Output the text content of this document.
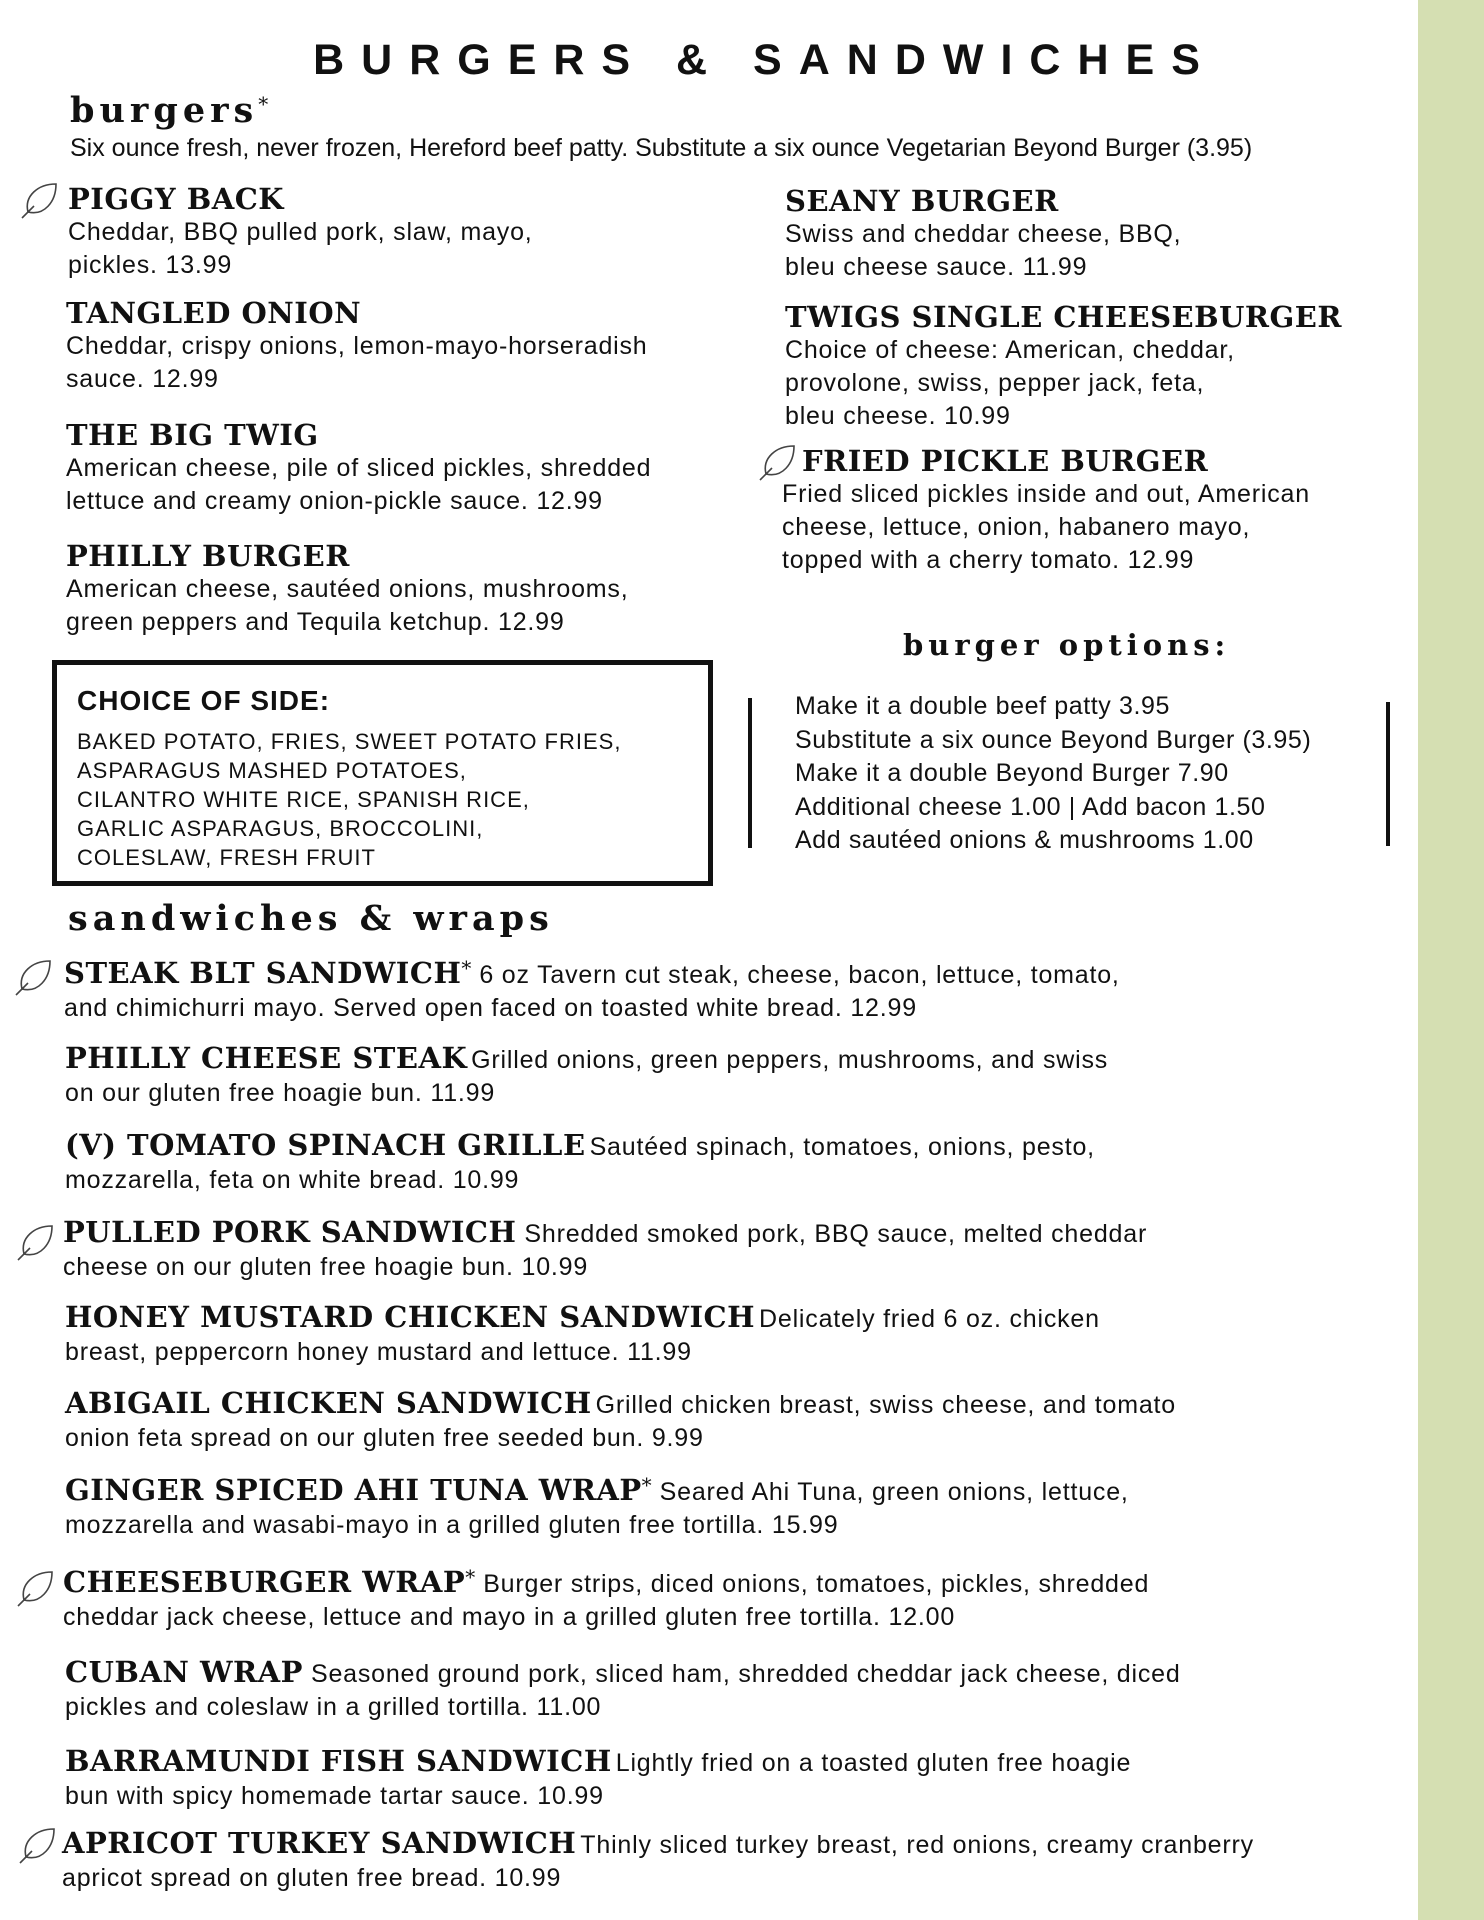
BURGERS & SANDWICHES
burgers*
Six ounce fresh, never frozen, Hereford beef patty. Substitute a six ounce Vegetarian Beyond Burger (3.95)
PIGGY BACK
Cheddar, BBQ pulled pork, slaw, mayo,
pickles. 13.99
TANGLED ONION
Cheddar, crispy onions, lemon-mayo-horseradish
sauce. 12.99
THE BIG TWIG
American cheese, pile of sliced pickles, shredded
lettuce and creamy onion-pickle sauce. 12.99
PHILLY BURGER
American cheese, sautéed onions, mushrooms,
green peppers and Tequila ketchup. 12.99
SEANY BURGER
Swiss and cheddar cheese, BBQ,
bleu cheese sauce. 11.99
TWIGS SINGLE CHEESEBURGER
Choice of cheese: American, cheddar,
provolone, swiss, pepper jack, feta,
bleu cheese. 10.99
FRIED PICKLE BURGER
Fried sliced pickles inside and out, American
cheese, lettuce, onion, habanero mayo,
topped with a cherry tomato. 12.99
CHOICE OF SIDE:
BAKED POTATO, FRIES, SWEET POTATO FRIES,
ASPARAGUS MASHED POTATOES,
CILANTRO WHITE RICE, SPANISH RICE,
GARLIC ASPARAGUS, BROCCOLINI,
COLESLAW, FRESH FRUIT
burger options:
Make it a double beef patty 3.95
Substitute a six ounce Beyond Burger (3.95)
Make it a double Beyond Burger 7.90
Additional cheese 1.00 | Add bacon 1.50
Add sautéed onions & mushrooms 1.00
sandwiches & wraps
STEAK BLT SANDWICH* 6 oz Tavern cut steak, cheese, bacon, lettuce, tomato,
and chimichurri mayo. Served open faced on toasted white bread. 12.99
PHILLY CHEESE STEAK Grilled onions, green peppers, mushrooms, and swiss
on our gluten free hoagie bun. 11.99
(V) TOMATO SPINACH GRILLE Sautéed spinach, tomatoes, onions, pesto,
mozzarella, feta on white bread. 10.99
PULLED PORK SANDWICH Shredded smoked pork, BBQ sauce, melted cheddar
cheese on our gluten free hoagie bun. 10.99
HONEY MUSTARD CHICKEN SANDWICH Delicately fried 6 oz. chicken
breast, peppercorn honey mustard and lettuce. 11.99
ABIGAIL CHICKEN SANDWICH Grilled chicken breast, swiss cheese, and tomato
onion feta spread on our gluten free seeded bun. 9.99
GINGER SPICED AHI TUNA WRAP* Seared Ahi Tuna, green onions, lettuce,
mozzarella and wasabi-mayo in a grilled gluten free tortilla. 15.99
CHEESEBURGER WRAP* Burger strips, diced onions, tomatoes, pickles, shredded
cheddar jack cheese, lettuce and mayo in a grilled gluten free tortilla. 12.00
CUBAN WRAP Seasoned ground pork, sliced ham, shredded cheddar jack cheese, diced
pickles and coleslaw in a grilled tortilla. 11.00
BARRAMUNDI FISH SANDWICH Lightly fried on a toasted gluten free hoagie
bun with spicy homemade tartar sauce. 10.99
APRICOT TURKEY SANDWICH Thinly sliced turkey breast, red onions, creamy cranberry
apricot spread on gluten free bread. 10.99
